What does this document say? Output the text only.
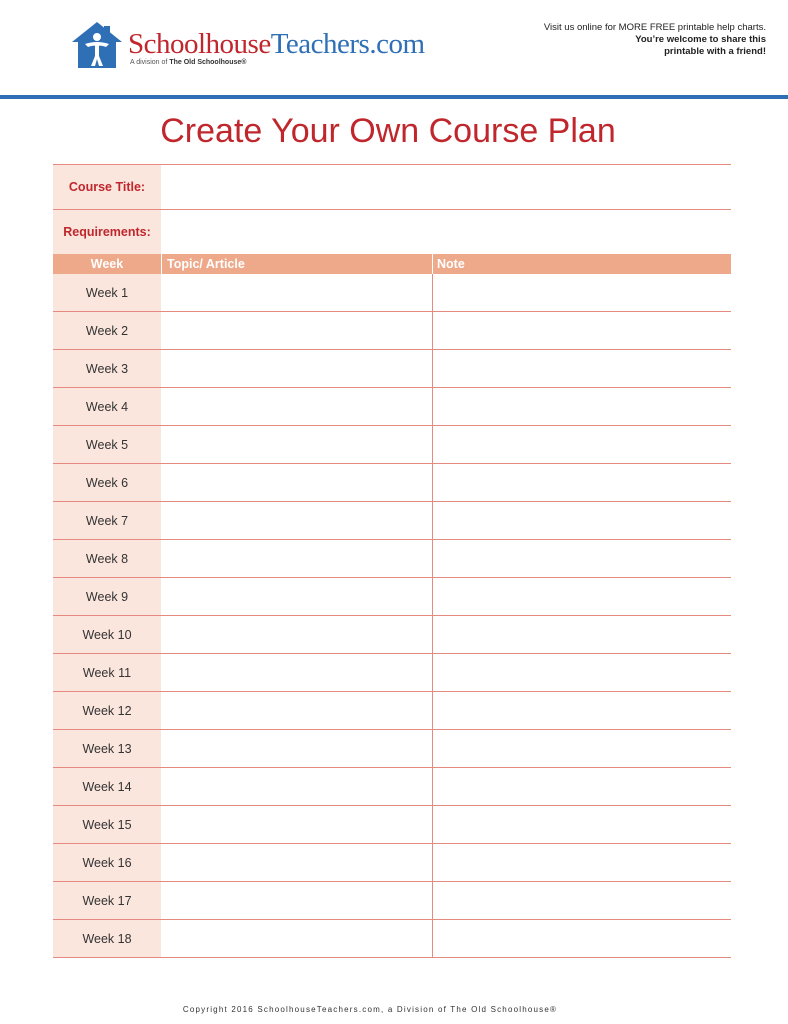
SchoolhouseTeachers.com
A division of The Old Schoolhouse®
Visit us online for MORE FREE printable help charts.
You’re welcome to share this
printable with a friend!
Create Your Own Course Plan
Course Title:
Requirements:
Week	Topic/ Article	Note
Week 1
Week 2
Week 3
Week 4
Week 5
Week 6
Week 7
Week 8
Week 9
Week 10
Week 11
Week 12
Week 13
Week 14
Week 15
Week 16
Week 17
Week 18
Copyright 2016 SchoolhouseTeachers.com, a Division of The Old Schoolhouse®
